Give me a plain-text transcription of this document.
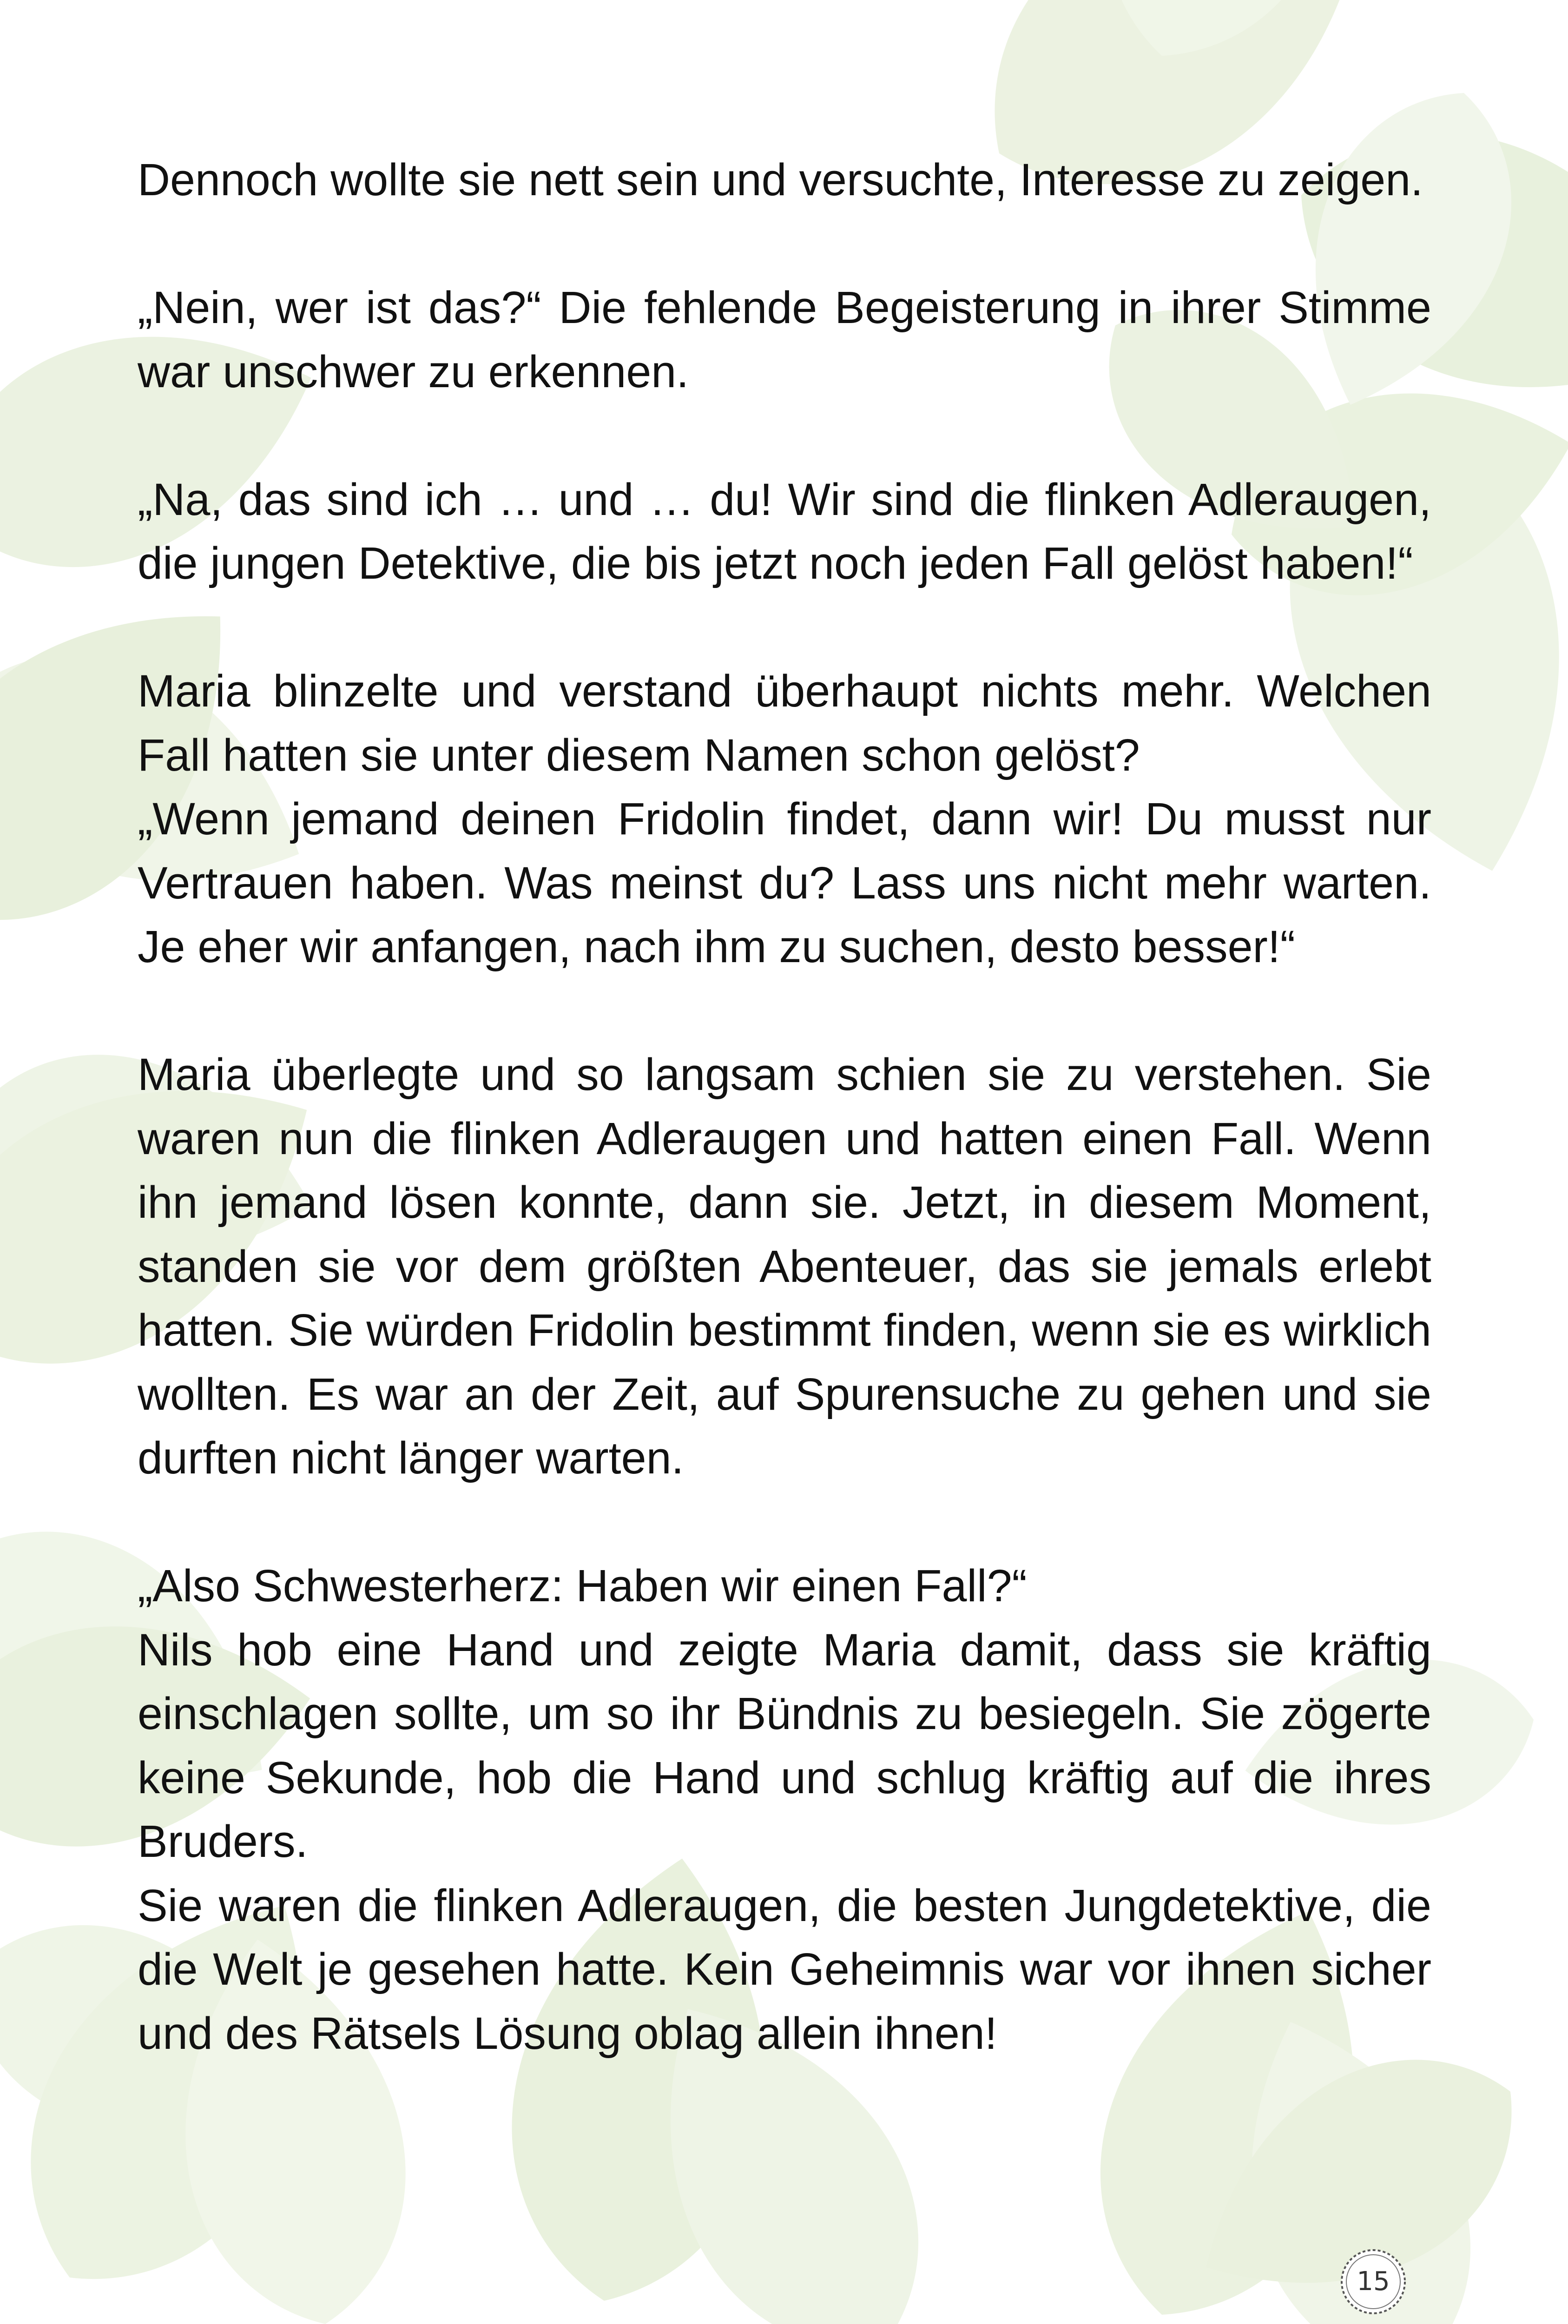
Dennoch wollte sie nett sein und versuchte, Interesse zu zeigen.

„Nein, wer ist das?“ Die fehlende Begeisterung in ihrer Stimme war unschwer zu erkennen.

„Na, das sind ich … und … du! Wir sind die flinken Adleraugen, die jungen Detektive, die bis jetzt noch jeden Fall gelöst haben!“

Maria blinzelte und verstand überhaupt nichts mehr. Welchen Fall hatten sie unter diesem Namen schon gelöst?

„Wenn jemand deinen Fridolin findet, dann wir! Du musst nur Vertrauen haben. Was meinst du? Lass uns nicht mehr warten. Je eher wir anfangen, nach ihm zu suchen, desto besser!“

Maria überlegte und so langsam schien sie zu verstehen. Sie waren nun die flinken Adleraugen und hatten einen Fall. Wenn ihn jemand lösen konnte, dann sie. Jetzt, in diesem Moment, standen sie vor dem größten Abenteuer, das sie jemals erlebt hatten. Sie würden Fridolin bestimmt finden, wenn sie es wirklich wollten. Es war an der Zeit, auf Spurensuche zu gehen und sie durften nicht länger warten.

„Also Schwesterherz: Haben wir einen Fall?“

Nils hob eine Hand und zeigte Maria damit, dass sie kräftig einschlagen sollte, um so ihr Bündnis zu besiegeln. Sie zögerte keine Sekunde, hob die Hand und schlug kräftig auf die ihres Bruders.

Sie waren die flinken Adleraugen, die besten Jungdetektive, die die Welt je gesehen hatte. Kein Geheimnis war vor ihnen sicher und des Rätsels Lösung oblag allein ihnen!

15
